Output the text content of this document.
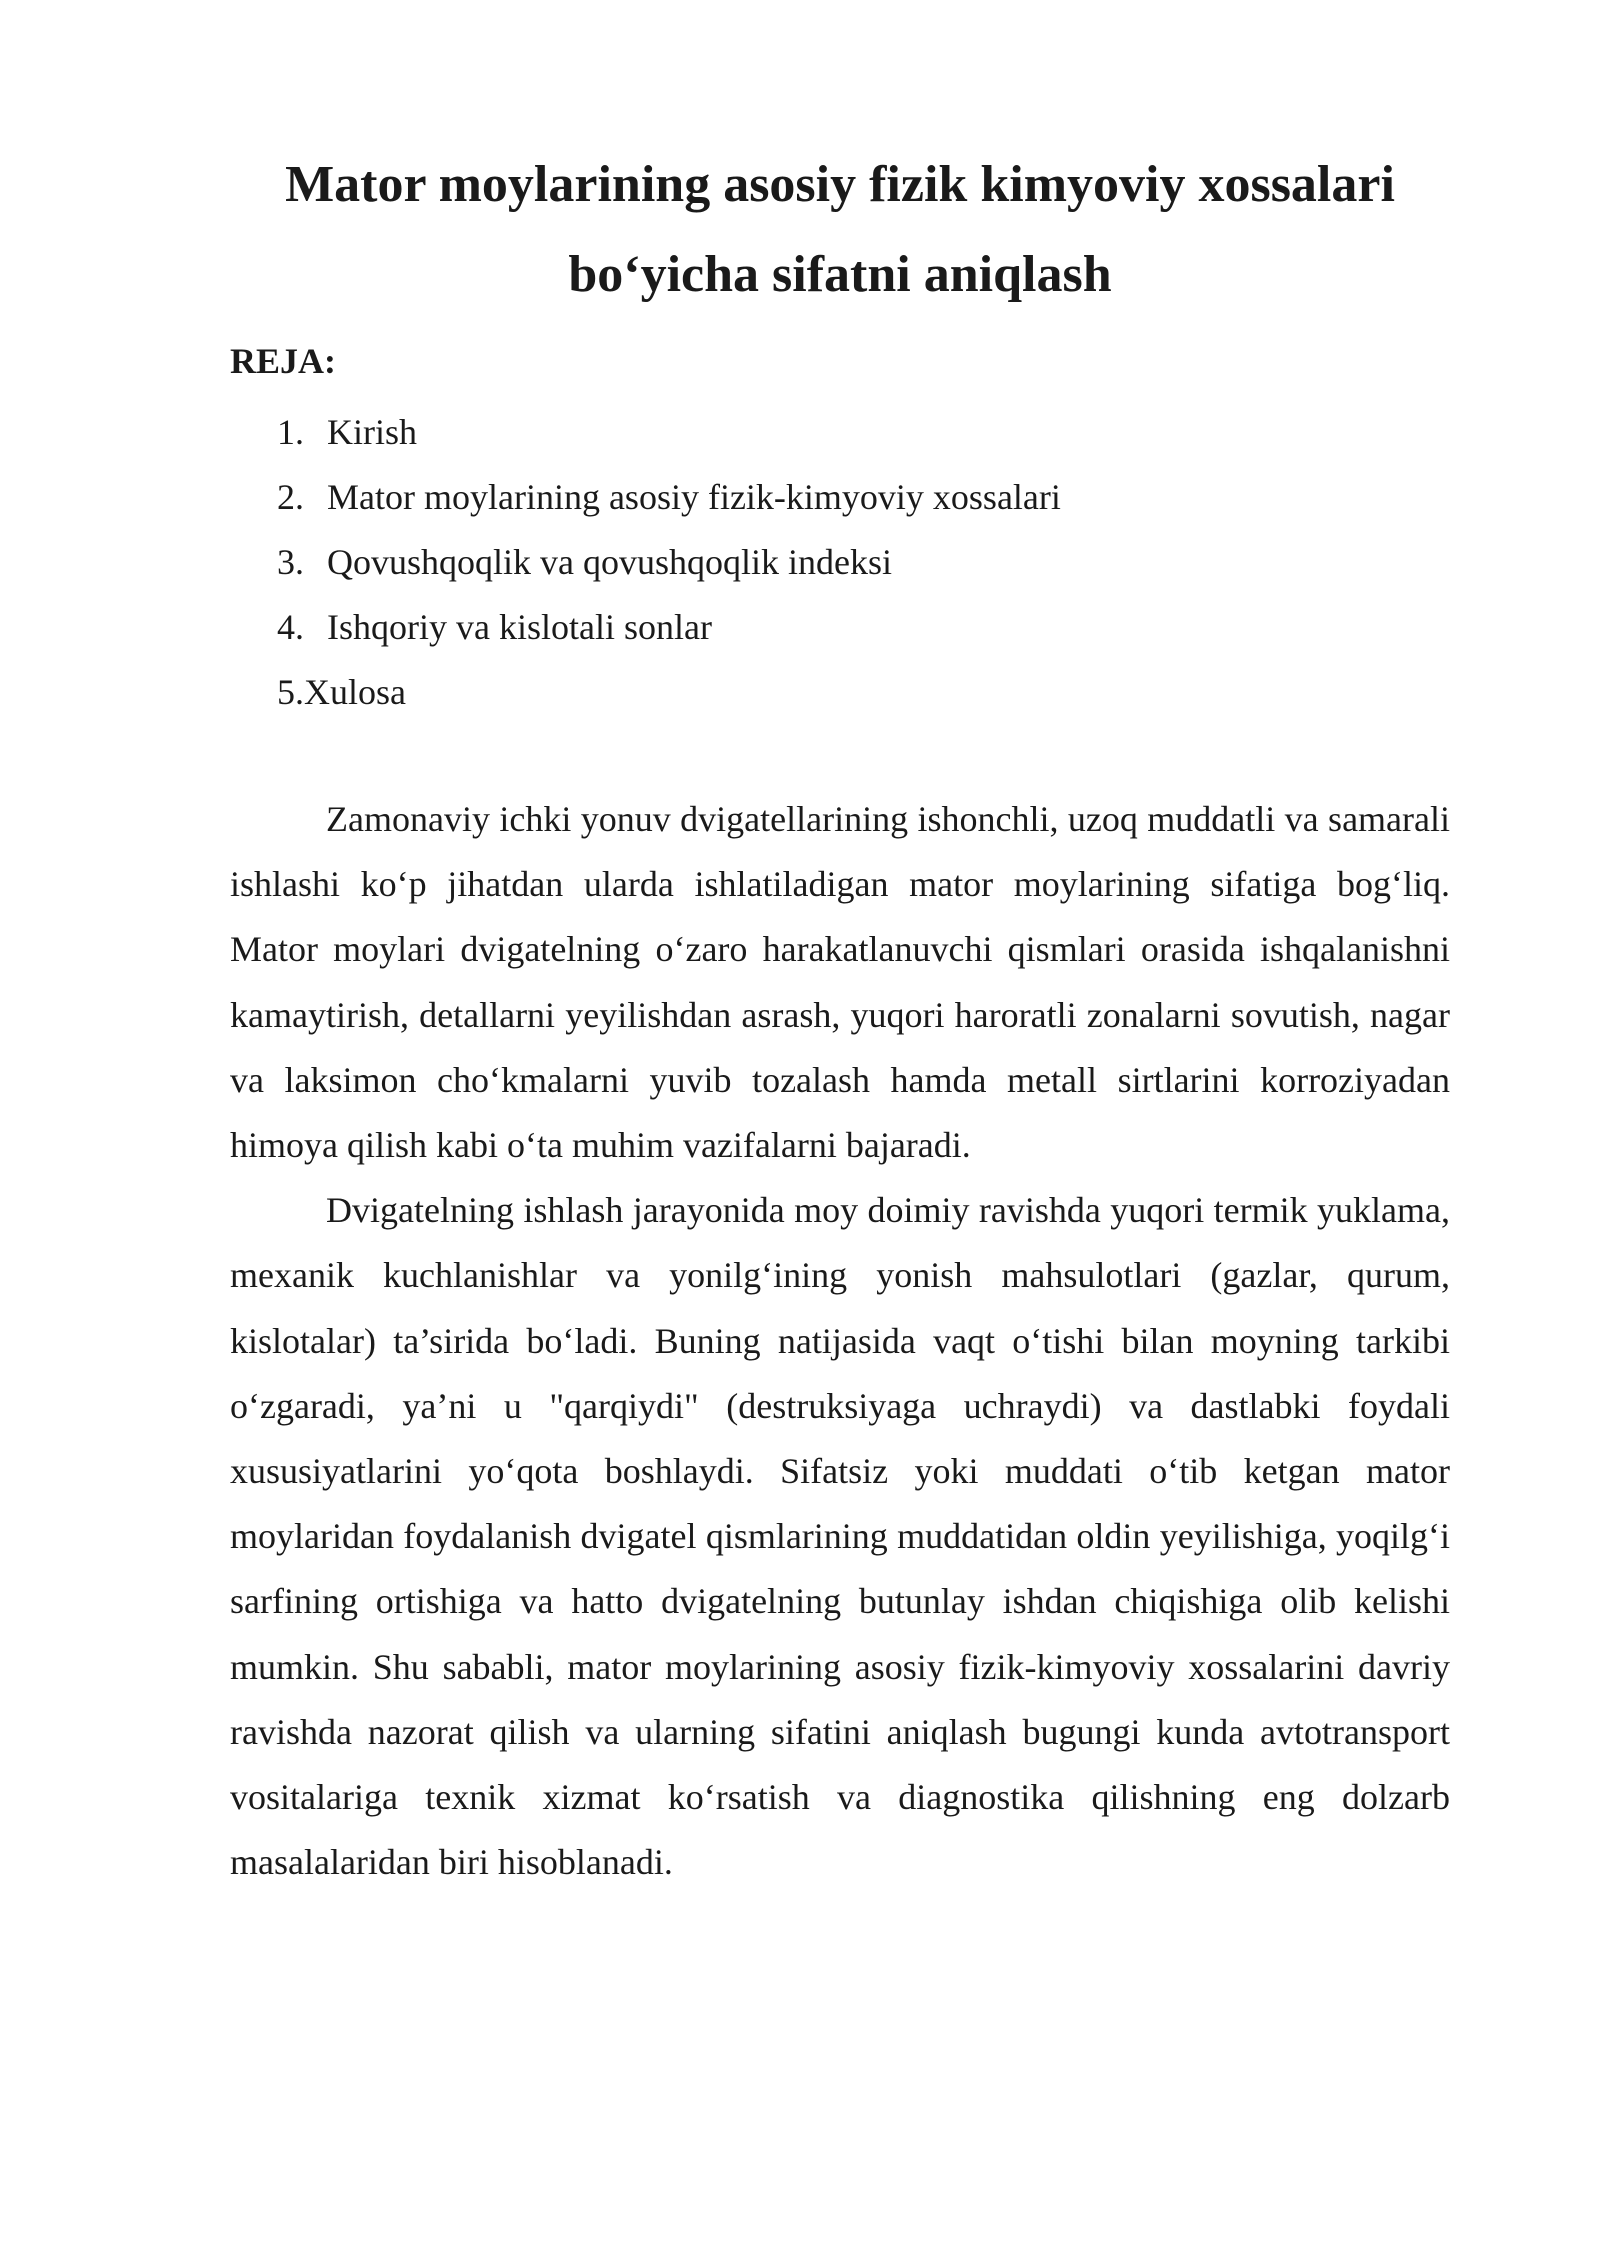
Mator moylarining asosiy fizik kimyoviy xossalari
bo‘yicha sifatni aniqlash
REJA:
1. Kirish
2. Mator moylarining asosiy fizik-kimyoviy xossalari
3. Qovushqoqlik va qovushqoqlik indeksi
4. Ishqoriy va kislotali sonlar
5. Xulosa

Zamonaviy ichki yonuv dvigatellarining ishonchli, uzoq muddatli va samarali ishlashi ko‘p jihatdan ularda ishlatiladigan mator moylarining sifatiga bog‘liq. Mator moylari dvigatelning o‘zaro harakatlanuvchi qismlari orasida ishqalanishni kamaytirish, detallarni yeyilishdan asrash, yuqori haroratli zonalarni sovutish, nagar va laksimon cho‘kmalarni yuvib tozalash hamda metall sirtlarini korroziyadan himoya qilish kabi o‘ta muhim vazifalarni bajaradi.

Dvigatelning ishlash jarayonida moy doimiy ravishda yuqori termik yuklama, mexanik kuchlanishlar va yonilg‘ining yonish mahsulotlari (gazlar, qurum, kislotalar) ta’sirida bo‘ladi. Buning natijasida vaqt o‘tishi bilan moyning tarkibi o‘zgaradi, ya’ni u "qarqiydi" (destruksiyaga uchraydi) va dastlabki foydali xususiyatlarini yo‘qota boshlaydi. Sifatsiz yoki muddati o‘tib ketgan mator moylaridan foydalanish dvigatel qismlarining muddatidan oldin yeyilishiga, yoqilg‘i sarfining ortishiga va hatto dvigatelning butunlay ishdan chiqishiga olib kelishi mumkin. Shu sababli, mator moylarining asosiy fizik-kimyoviy xossalarini davriy ravishda nazorat qilish va ularning sifatini aniqlash bugungi kunda avtotransport vositalariga texnik xizmat ko‘rsatish va diagnostika qilishning eng dolzarb masalalaridan biri hisoblanadi.
